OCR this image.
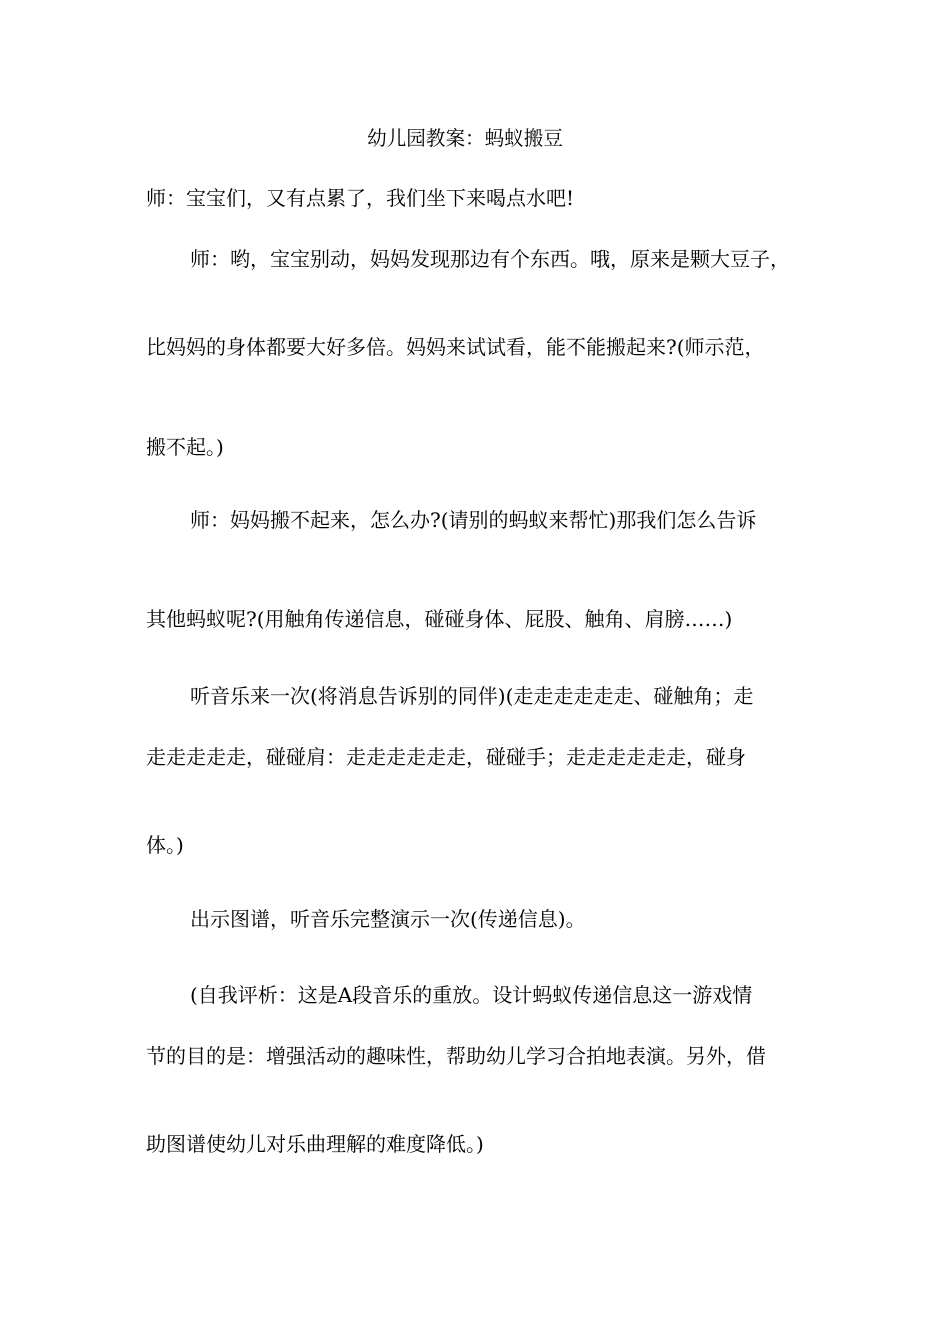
幼儿园教案：蚂蚁搬豆
师：宝宝们，又有点累了，我们坐下来喝点水吧!
师：哟，宝宝别动，妈妈发现那边有个东西。哦，原来是颗大豆子，
比妈妈的身体都要大好多倍。妈妈来试试看，能不能搬起来?(师示范，
搬不起。)
师：妈妈搬不起来，怎么办?(请别的蚂蚁来帮忙)那我们怎么告诉
其他蚂蚁呢?(用触角传递信息，碰碰身体、屁股、触角、肩膀……)
听音乐来一次(将消息告诉别的同伴)(走走走走走走、碰触角；走
走走走走走，碰碰肩：走走走走走走，碰碰手；走走走走走走，碰身
体。)
出示图谱，听音乐完整演示一次(传递信息)。
(自我评析：这是A段音乐的重放。设计蚂蚁传递信息这一游戏情
节的目的是：增强活动的趣味性，帮助幼儿学习合拍地表演。另外，借
助图谱使幼儿对乐曲理解的难度降低。)
